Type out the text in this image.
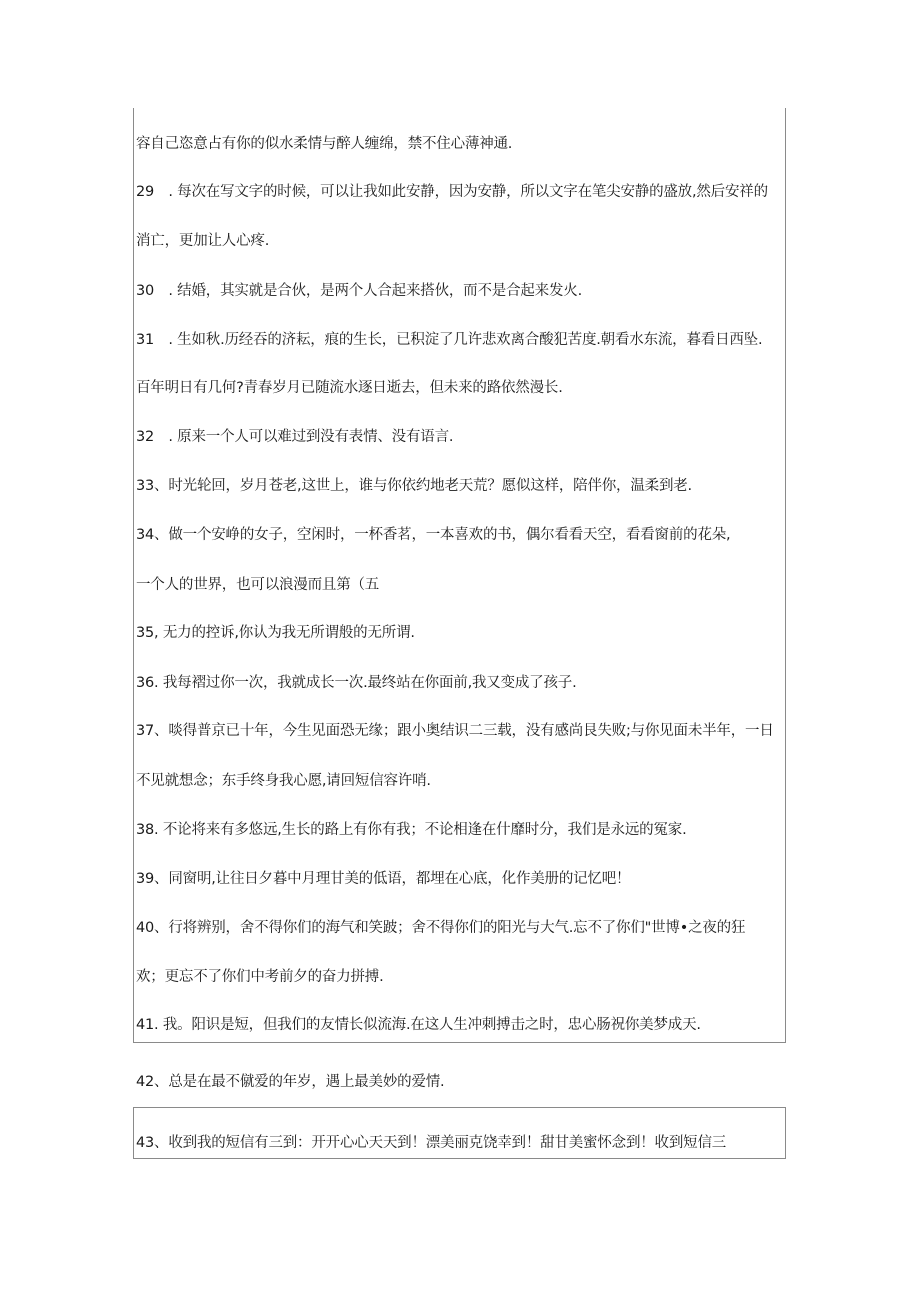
容自己恣意占有你的似水柔情与醉人缠绵，禁不住心薄神通.
29　. 每次在写文字的时候，可以让我如此安静，因为安静，所以文字在笔尖安静的盛放,然后安祥的
消亡，更加让人心疼.
30　. 结婚，其实就是合伙，是两个人合起来搭伙，而不是合起来发火.
31　. 生如秋.历经吞的济耘，痕的生长，已积淀了几许悲欢离合酸犯苦度.朝看水东流，暮看日西坠.
百年明日有几何?青春岁月已随流水逐日逝去，但未来的路依然漫长.
32　. 原来一个人可以难过到没有表情、没有语言.
33、时光轮回，岁月苍老,这世上，谁与你依约地老天荒？愿似这样，陪伴你，温柔到老.
34、做一个安峥的女子，空闲时，一杯香茗，一本喜欢的书，偶尔看看天空，看看窗前的花朵,
一个人的世界，也可以浪漫而且第（五
35, 无力的控诉,你认为我无所谓般的无所谓.
36. 我每褶过你一次，我就成长一次.最终站在你面前,我又变成了孩子.
37、啖得普京已十年，今生见面恐无缘；跟小奥结识二三载，没有感尚艮失败;与你见面未半年，一日
不见就想念；东手终身我心愿,请回短信容许哨.
38. 不论将来有多悠远,生长的路上有你有我；不论相逢在什靡时分，我们是永远的冤家.
39、同窗明,让往日夕暮中月理甘美的低语，都埋在心底，化作美册的记忆吧！
40、行将辨别，舍不得你们的海气和笑跛；舍不得你们的阳光与大气.忘不了你们"世博•之夜的狂
欢；更忘不了你们中考前夕的奋力拼搏.
41. 我。阳识是短，但我们的友情长似流海.在这人生冲刺搏击之时，忠心肠祝你美梦成天.
42、总是在最不僦爱的年岁，遇上最美妙的爱情.
43、收到我的短信有三到：开开心心天天到！漂美丽克饶幸到！甜甘美蜜怀念到！收到短信三
